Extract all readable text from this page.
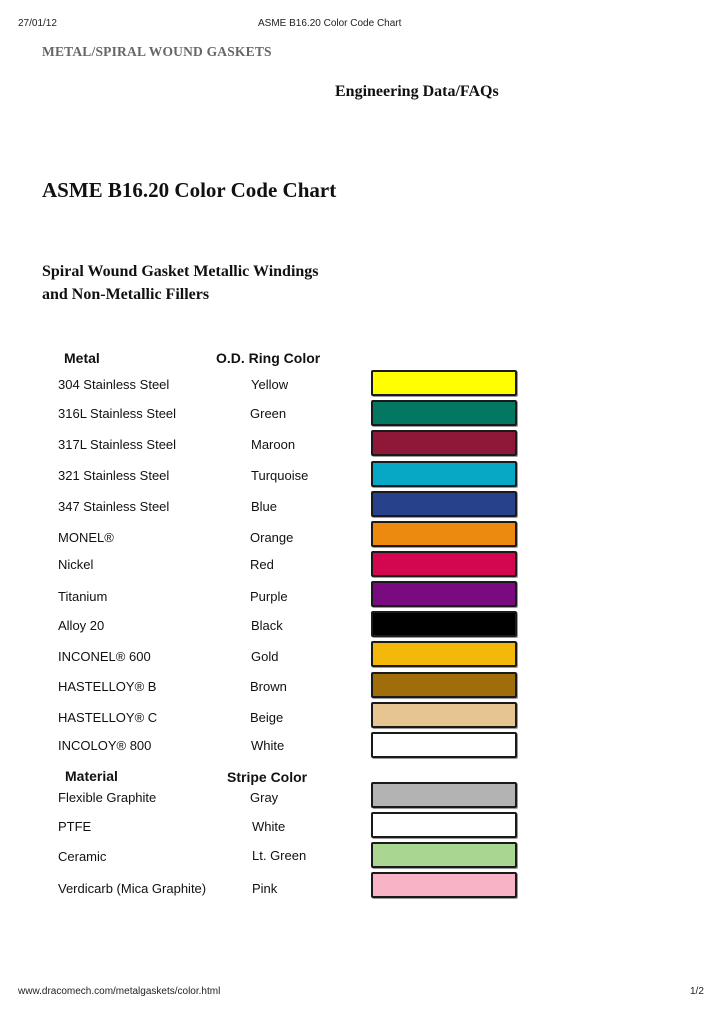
27/01/12	ASME B16.20 Color Code Chart
METAL/SPIRAL WOUND GASKETS
Engineering Data/FAQs
ASME B16.20 Color Code Chart
Spiral Wound Gasket Metallic Windings
and Non-Metallic Fillers
Metal	O.D. Ring Color
304 Stainless Steel	Yellow
316L Stainless Steel	Green
317L Stainless Steel	Maroon
321 Stainless Steel	Turquoise
347 Stainless Steel	Blue
MONEL®	Orange
Nickel	Red
Titanium	Purple
Alloy 20	Black
INCONEL® 600	Gold
HASTELLOY® B	Brown
HASTELLOY® C	Beige
INCOLOY® 800	White
Material	Stripe Color
Flexible Graphite	Gray
PTFE	White
Ceramic	Lt. Green
Verdicarb (Mica Graphite)	Pink
www.dracomech.com/metalgaskets/color.html	1/2
